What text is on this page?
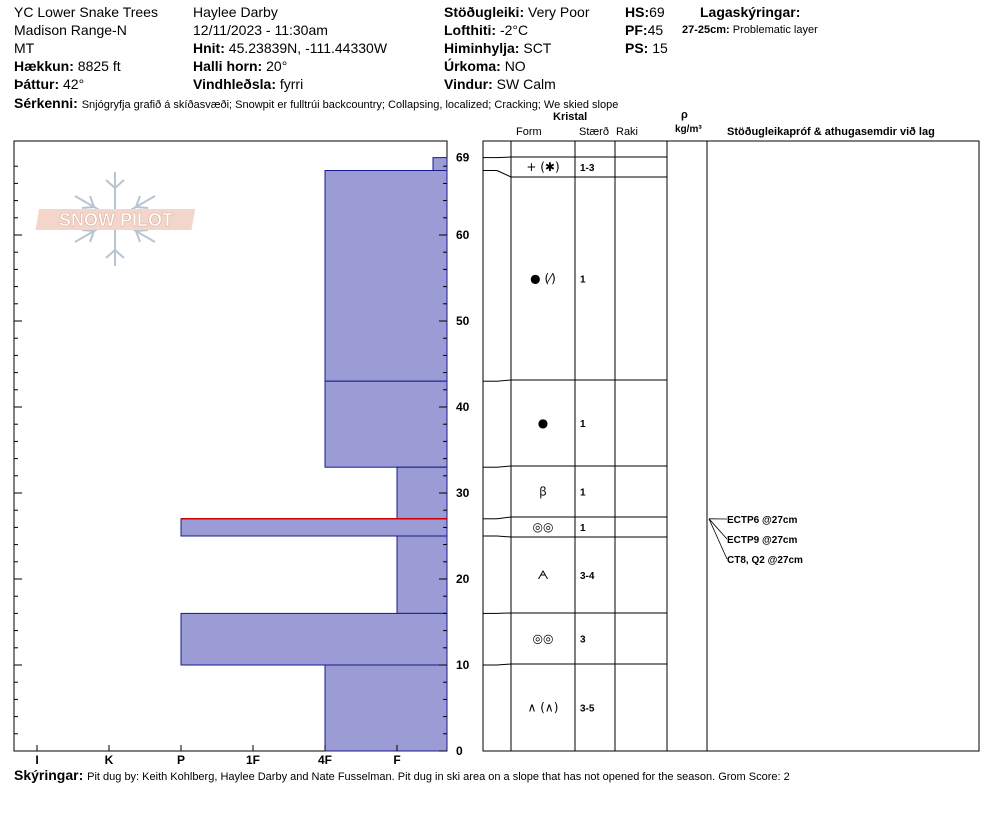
YC Lower Snake Trees
Madison Range-N
MT
Hækkun: 8825 ft
Þáttur: 42°
Haylee Darby
12/11/2023 - 11:30am
Hnit: 45.23839N, -111.44330W
Halli horn: 20°
Vindhleðsla: fyrri
Stöðugleiki: Very Poor
Lofthiti: -2°C
Himinhylja: SCT
Úrkoma: NO
Vindur: SW Calm
HS:69
PF:45
PS: 15
Lagaskýringar:
27-25cm: Problematic layer
Sérkenni: Snjógryfja grafið á skíðasvæði; Snowpit er fulltrúi backcountry; Collapsing, localized; Cracking; We skied slope
Kristal
Form	Stærð Raki
ρ
kg/m³ Stöðugleikapróf & athugasemdir við lag
SNOW PILOT
0
10
20
30
40
50
60
69
I	K	P	1F	4F	F
+ (✱) 1-3
● (⁄) 1
●	1
ꞵ	1
◎◎	1
ᗅ	3-4
◎◎	3
∧ (∧) 3-5
ECTP6 @27cm
ECTP9 @27cm
CT8, Q2 @27cm
Skýringar: Pit dug by: Keith Kohlberg, Haylee Darby and Nate Fusselman. Pit dug in ski area on a slope that has not opened for the season. Grom Score: 2
